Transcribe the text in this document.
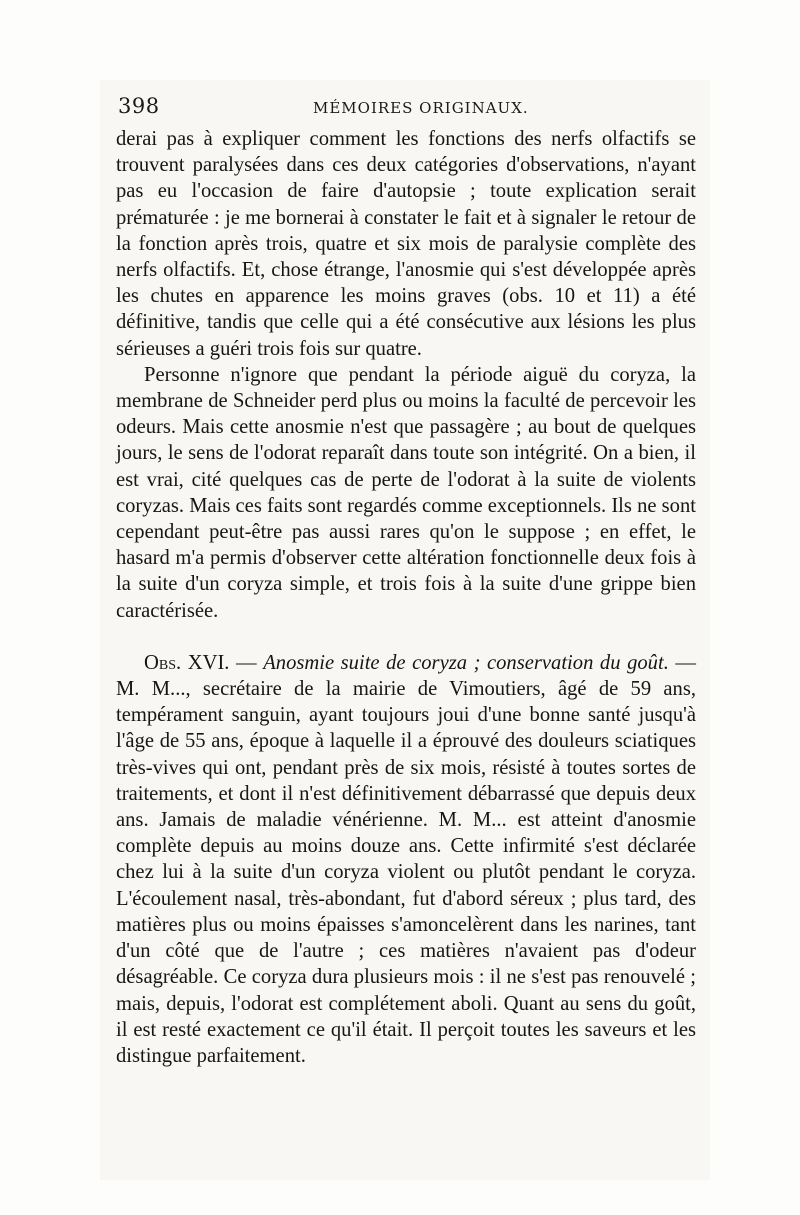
398	MÉMOIRES ORIGINAUX.

derai pas à expliquer comment les fonctions des nerfs olfactifs se trouvent paralysées dans ces deux catégories d'observations, n'ayant pas eu l'occasion de faire d'autopsie ; toute explication serait prématurée : je me bornerai à constater le fait et à signaler le retour de la fonction après trois, quatre et six mois de paralysie complète des nerfs olfactifs. Et, chose étrange, l'anosmie qui s'est développée après les chutes en apparence les moins graves (obs. 10 et 11) a été définitive, tandis que celle qui a été consécutive aux lésions les plus sérieuses a guéri trois fois sur quatre.

Personne n'ignore que pendant la période aiguë du coryza, la membrane de Schneider perd plus ou moins la faculté de percevoir les odeurs. Mais cette anosmie n'est que passagère ; au bout de quelques jours, le sens de l'odorat reparaît dans toute son intégrité. On a bien, il est vrai, cité quelques cas de perte de l'odorat à la suite de violents coryzas. Mais ces faits sont regardés comme exceptionnels. Ils ne sont cependant peut-être pas aussi rares qu'on le suppose ; en effet, le hasard m'a permis d'observer cette altération fonctionnelle deux fois à la suite d'un coryza simple, et trois fois à la suite d'une grippe bien caractérisée.

Obs. XVI. — Anosmie suite de coryza ; conservation du goût. — M. M..., secrétaire de la mairie de Vimoutiers, âgé de 59 ans, tempérament sanguin, ayant toujours joui d'une bonne santé jusqu'à l'âge de 55 ans, époque à laquelle il a éprouvé des douleurs sciatiques très-vives qui ont, pendant près de six mois, résisté à toutes sortes de traitements, et dont il n'est définitivement débarrassé que depuis deux ans. Jamais de maladie vénérienne. M. M... est atteint d'anosmie complète depuis au moins douze ans. Cette infirmité s'est déclarée chez lui à la suite d'un coryza violent ou plutôt pendant le coryza. L'écoulement nasal, très-abondant, fut d'abord séreux ; plus tard, des matières plus ou moins épaisses s'amoncelèrent dans les narines, tant d'un côté que de l'autre ; ces matières n'avaient pas d'odeur désagréable. Ce coryza dura plusieurs mois : il ne s'est pas renouvelé ; mais, depuis, l'odorat est complétement aboli. Quant au sens du goût, il est resté exactement ce qu'il était. Il perçoit toutes les saveurs et les distingue parfaitement.
